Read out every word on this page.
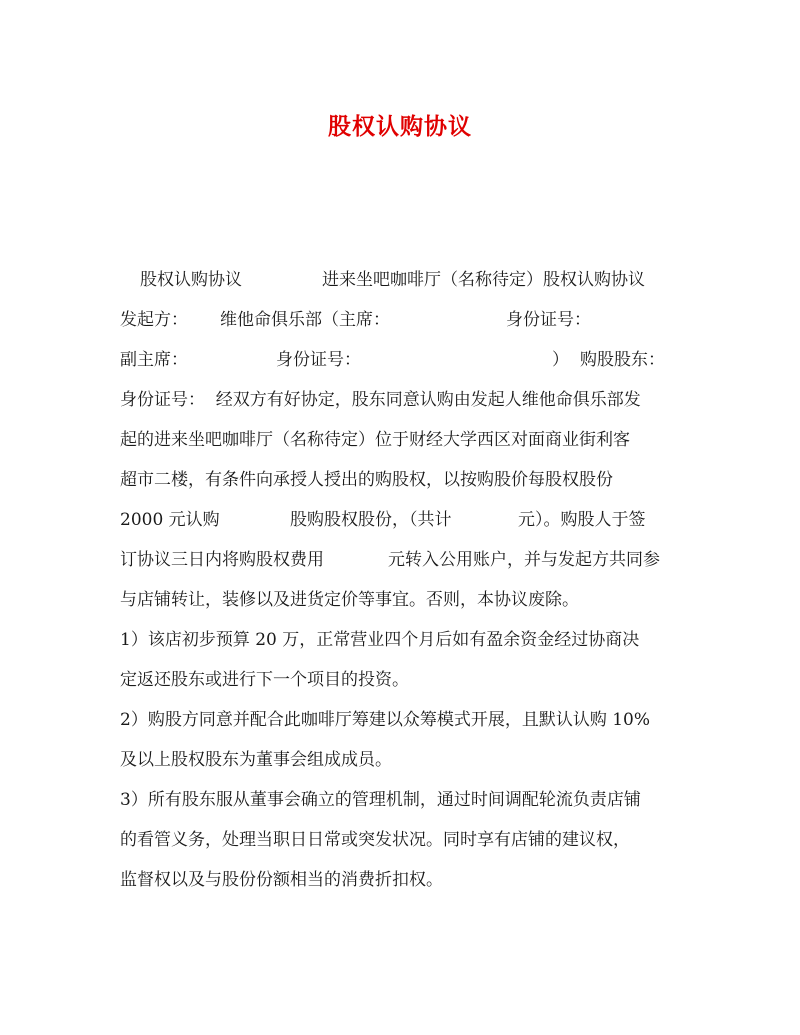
股权认购协议

股权认购协议

	进来坐吧咖啡厅（名称待定）股权认购协议

发起方：

维他命俱乐部（主席：

	身份证号：

副主席：

	身份证号：

	）

购股股东：

身份证号：  经双方有好协定，股东同意认购由发起人维他命俱乐部发

起的进来坐吧咖啡厅（名称待定）位于财经大学西区对面商业街利客

超市二楼，有条件向承授人授出的购股权，以按购股价每股权股份

2000 元认购

	股购股权股份，（共计

	元）。购股人于签

订协议三日内将购股权费用

	元转入公用账户，并与发起方共同参

与店铺转让，装修以及进货定价等事宜。否则，本协议废除。

1）该店初步预算 20 万，正常营业四个月后如有盈余资金经过协商决

定返还股东或进行下一个项目的投资。

2）购股方同意并配合此咖啡厅筹建以众筹模式开展，且默认认购 10%

及以上股权股东为董事会组成成员。

3）所有股东服从董事会确立的管理机制，通过时间调配轮流负责店铺

的看管义务，处理当职日日常或突发状况。同时享有店铺的建议权，

监督权以及与股份份额相当的消费折扣权。
